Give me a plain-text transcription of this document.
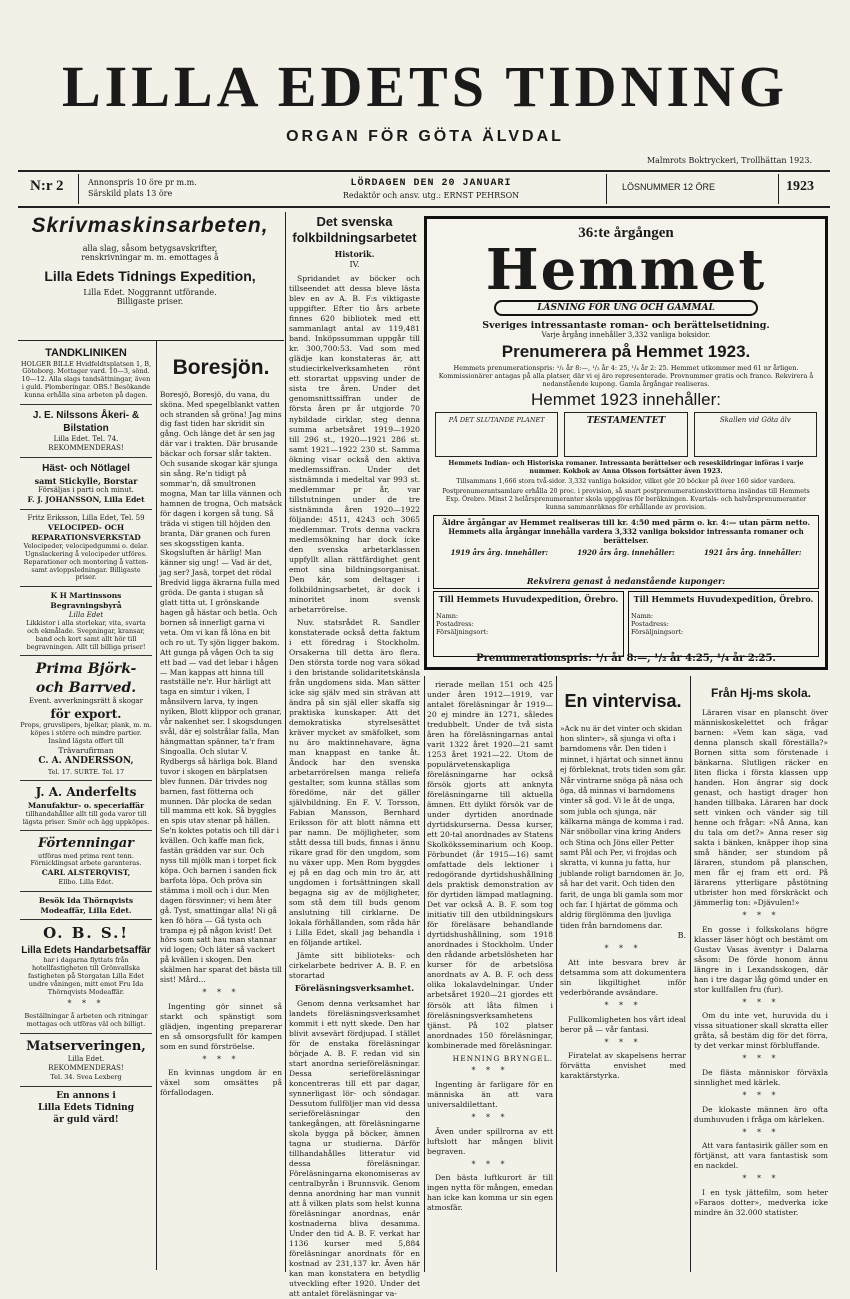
LILLA EDETS TIDNING
ORGAN FÖR GÖTA ÄLVDAL
Malmrots Boktryckeri, Trollhättan 1923.
N:r 2	Annonspris 10 öre pr m.m.
Särskild plats 13 öre
LÖRDAGEN DEN 20 JANUARI
Redaktör och ansv. utg.: ERNST PEHRSON
LÖSNUMMER 12 ÖRE	1923
Skrivmaskinsarbeten,
alla slag, såsom betygsavskrifter,
renskrivningar m. m. emottages å
Lilla Edets Tidnings Expedition,
Lilla Edet. Noggrannt utförande.
Billigaste priser.
TANDKLINIKEN
HOLGER BILLE Hvidfeldtsplatsen 1, B, Göteborg. Mottager vard. 10—3, sönd. 10—12. Alla slags tandsättningar, även i guld. Plomberingar. OBS.! Besökande kunna erhålla sina arbeten på dagen.
J. E. Nilssons Åkeri- & Bilstation
Lilla Edet. Tel. 74. REKOMMENDERAS!
Häst- och Nötlagel
samt Stickylle, Borstar
Försäljas i parti och minut.
F. J. JOHANSSON, Lilla Edet
Fritz Eriksson, Lilla Edet, Tel. 59
VELOCIPED- OCH REPARATIONSVERKSTAD
Velocipeder, velocipedgummi o. delar. Ugnslackering å velocipeder utföres. Reparationer och montering å vatten- samt avloppsledningar. Billigaste priser.
K H Martinssons Begravningsbyrå
Lilla Edet
Likkistor i alla storlekar, vita, svarta och ekmålade. Svepningar, kransar, band och kort samt allt hör till begravningen. Allt till billiga priser!
Prima Björk-
och Barrved.
Event. avverkningsrätt å skogar
för export.
Props, gruvslipers, bjelkar, plank, m. m. köpes i större och mindre partier. Insänd lägsta offert till
Trävarufirman
C. A. ANDERSSON,
Tel. 17. SURTE. Tel. 17
J. A. Anderfelts
Manufaktur- o. speceriaffär
tillhandahåller allt till goda varor till lägsta priser. Smör och ägg uppköpes.
Förtenningar
utföras med prima rent tenn. Förnicklingsat arbete garanteras.
CARL ALSTERQVIST,
Ellbo. Lilla Edet.
Besök Ida Thörnqvists Modeaffär, Lilla Edet.
O. B. S.!
Lilla Edets Handarbetsaffär
har i dagarna flyttats från hotellfastigheten till Grönvallska fastigheten på Storgatan Lilla Edet undre våningen, mitt emot Fru Ida Thörnqvists Modeaffär.
* * *
Beställningar å arbeten och ritningar mottagas och utföras väl och billigt.
Matserveringen,
Lilla Edet.
REKOMMENDERAS!
Tel. 34. Svea Lexberg
En annons i
Lilla Edets Tidning
är guld värd!
Boresjön.
Boresjö, Boresjö, du vana, du sköna. Med spegelblankt vatten och stranden så gröna! Jag mins dig fast tiden har skridit sin gång. Och länge det är sen jag där var i trakten. Där brusande bäckar och forsar slår takten. Och susande skogar kär sjunga sin sång. Re'n tidigt på sommar'n, då smultronen mogna, Man tar lilla vännen och hamnen de trogna, Och matsäck för dagen i korgen så tung. Så träda vi stigen till höjden den branta, Där granen och furen ses skogsstigen kanta. Skogsluften är härlig! Man känner sig ung! — Vad är det, jag ser? Jasä, torpet det rödal Bredvid ligga äkrarna fulla med gröda. De ganta i stugan så glatt titta ut. I grönskande hagen gå hästar och betla. Och bornen så innerligt garna vi veta. Om vi kan få löna en bit och ro ut. Ty sjön ligger bakom. Att gunga på vågen Och ta sig ett bad — vad det lebar i hågen — Man kappas att hinna till rastställe ne'r. Hur härligt att taga en simtur i viken, I månsilvern larva, ty ingen nyiken, Blott klippor och granar, vår nakenhet ser. I skogsdungen svål, där ej solstrålar falla, Man hängmattan spänner, ta'r fram Singoalla. Och slutar V. Rydbergs så härliga bok. Bland tuvor i skogen en bärplatsen blev funnen. Där trivdes nog barnen, fast fötterna och munnen. Där plocka de sedan till mamma ett kok. Så byggles en spis utav stenar på hällen. Se'n koktes potatis och till där i kvällen. Och kaffe man fick, fastän grädden var sur. Och nyss till mjölk man i torpet fick köpa. Och barnen i sanden fick barfota löpa. Och pröva sin stämma i moll och i dur. Men dagen försvinner; vi hem åter gå. Tyst, smattingar alla! Ni gå ken fö höra — Gå tysta och trampa ej på någon kvist! Det hörs som satt hau man stannar vid logen; Och läter så vackert på kvällen i skogen. Den skälmen har sparat det bästa till sist! Mård...
* * *

Ingenting gör sinnet så starkt och spänstigt som glädjen, ingenting preparerar en så omsorgsfullt för kampen som en sund förströelse.

* * *

En kvinnas ungdom är en växel som omsättes på förfallodagen.

Det svenska folkbildningsarbetet
Historik.
IV.

Spridandet av böcker och tillseendet att dessa bleve lästa blev en av A. B. F:s viktigaste uppgifter. Efter tio års arbete finnes 620 bibliotek med ett sammanlagt antal av 119,481 band. Inköpssumman uppgår till kr. 300,700:53. Vad som med glädje kan konstateras är, att studiecirkelverksamheten rönt ett storartat uppsving under de sista tre åren. Under det genomsnittssiffran under de första åren pr år utgjorde 70 nybildade cirklar, steg denna summa arbetsåret 1919—1920 till 296 st., 1920—1921 286 st. samt 1921—1922 230 st. Samma ökning visar också den aktiva medlemssiffran. Under det sistnämnda i medeltal var 993 st. medlemmar pr år, var tillstutningen under de tre sistnämnda åren 1920—1922 följande: 4511, 4243 och 3065 medlemmar. Trots denna vackra medlemsökning har dock icke den svenska arbetarklassen uppfyllt allan rättfärdighet gent emot sina bildningsorganisat. Den kär, som deltager i folkbildningsarbetet, är dock i minoritet inom svensk arbetarrörelse.

Nuv. statsrådet R. Sandler konstaterade också detta faktum i ett föredrag i Stockholm. Orsakerna till detta äro flera. Den största torde nog vara sökad i den bristande solidaritetskänsla från ungdomens sida. Man sätter icke sig själv med sin strävan att ändra på sin själ eller skaffa sig praktiska kunskaper. Att det demokratiska styrelsesättet kräver mycket av smäfolket, som nu äro maktinnehavare, ägna man knappast en tanke åt. Ändock har den svenska arbetarrörelsen manga reliefa gestalter, som kunna ställas som föredöme, när det gäller självbildning. En F. V. Torsson, Fabian Mansson, Bernhard Eriksson för att blott nämna ett par namn. De möjligheter, som stått dessa till buds, finnas i ännu rikare grad för den ungdom, som nu växer upp. Men Rom byggdes ej på en dag och min tro är, att ungdomen i fortsättningen skall begagna sig av de möjligheter, som stå dem till buds genom anslutning till cirklarne. De lokala förhållanden, som råda här i Lilla Edet, skall jag behandla i en följande artikel.

Jämte sitt biblioteks- och cirkelarbete bedriver A. B. F. en storartad

Föreläsningsverksamhet.

Genom denna verksamhet har landets föreläsningsverksamhet kommit i ett nytt skede. Den har blivit avsevärt fördjupad. I stället för de enstaka föreläsningar började A. B. F. redan vid sin start anordna serieföreläsningar. Dessa serieföreläsningar koncentreras till ett par dagar, synnerligast lör- och söndagar. Dessutom fullföljer man vid dessa serieföreläsningar den tankegången, att föreläsningarne skola bygga på böcker, ämnen tagna ur studierna. Därför tillhandahålles litteratur vid dessa föreläsningar. Föreläsningarna ekonomiseras av centralbyrån i Brunnsvik. Genom denna anordning har man vunnit att å vilken plats som helst kunna föreläsningar anordnas, enär kostnaderna bliva desamma. Under den tid A. B. F. verkat har 1136 kurser med 5,884 föreläsningar anordnats för en kostnad av 231,137 kr. Även här kan man konstatera en betydlig utveckling efter 1920. Under det att antalet föreläsningar va-

36:te årgången
Hemmet
LÄSNING FÖR UNG OCH GAMMAL
Sveriges intressantaste roman- och berättelsetidning.
Varje årgång innehåller 3,332 vanliga boksidor.
Prenumerera på Hemmet 1923.
Hemmets prenumerationspris: ¹/₁ år 8:—, ¹/₂ år 4: 25, ¹/₄ år 2: 25. Hemmet utkommer med 61 nr årligen. Kommissionärer antagas på alla platser, där vi ej äro representerade. Provnummer gratis och franco. Rekvirera å nedanstående kupong. Gamla årgångar realiseras.
Hemmet 1923 innehåller:
PÅ DET SLUTANDE PLANET	TESTAMENTET	Skallen vid Göta älv
Hemmets Indian- och Historiska romaner. Intressanta berättelser och reseskildringar införas i varje nummer. Kokbok av Anna Olsson fortsätter även 1923.
Tillsammans 1,666 stora två-sidor. 3,332 vanliga boksidor, vilket gör 20 böcker på över 160 sidor vardera.
Postprenumerantsamlare erhålla 20 proc. i provision, så snart postprenumerationskvitterna insändas till Hemmets Exp. Örebro. Minst 2 helårsprenumeranter skola uppgivas för beräkningen. Kvartals- och halvårsprenumeranter kunna sammanräknas för erhållande av provision.
Äldre årgångar av Hemmet realiseras till kr. 4:50 med pärm o. kr. 4:— utan pärm netto.
Hemmets alla årgångar innehålla vardera 3,332 vanliga boksidor intressanta romaner och berättelser.
1919 års årg. innehåller:	1920 års årg. innehåller:	1921 års årg. innehåller:
Rekvirera genast å nedanstående kuponger:
Till Hemmets Huvudexpedition, Örebro.
Namn:
Postadress:
Försäljningsort:
Till Hemmets Huvudexpedition, Örebro.
Namn:
Postadress:
Försäljningsort:
Prenumerationspris: ¹/₁ år 8:—, ¹/₂ år 4:25, ¹/₄ år 2:25.

rierade mellan 151 och 425 under åren 1912—1919, var antalet föreläsningar år 1919—20 ej mindre än 1271, således tredubbelt. Under de två sista åren ha föreläsningarnas antal varit 1322 året 1920—21 samt 1253 året 1921—22. Utom de populärvetenskapliga föreläsningarne har också försök gjorts att anknyta föreläsningarne till aktuella ämnen. Ett dylikt försök var de under dyrtiden anordnade dyrtidskurserna. Dessa kurser, ett 20-tal anordnades av Statens Skolköksseminarium och Koop. Förbundet (år 1915—16) samt omfattade dels lektioner i redogörande dyrtidshushållning dels praktisk demonstration av för dyrtiden lämpad matlagning. Det var också A. B. F. som tog initiativ till den utbildningskurs för föreläsare behandlande dyrtidshushållning, som 1918 anordnades i Stockholm. Under den rådande arbetslösheten har kurser för de arbetslösa anordnats av A. B. F. och dess olika lokalavdelningar. Under arbetsåret 1920—21 gjordes ett försök att låta filmen i föreläsningsverksamhetens tjänst. På 102 platser anordnades 150 föreläsningar, kombinerade med föreläsningar.

HENNING BRYNGEL.
* * *

Ingenting är farligare för en människa än att vara universaldilettant.

* * *

Även under spillrorna av ett luftslott har mången blivit begraven.

* * *

Den bästa luftkurort är till ingen nytta för mången, emedan han icke kan komma ur sin egen atmosfär.

En vintervisa.
»Ack nu är det vinter och skidan hon slinter», så sjunga vi ofta i barndomens vår. Den tiden i minnet, i hjärtat och sinnet ännu ej förbleknat, trots tiden som går. Når vintrarne snöga på näsa och öga, då minnas vi barndomens vinter så god. Vi le åt de unga, som jubla och sjunga, när kälkarna mänga de komma i rad. När snöbollar vina kring Anders och Stina och Jöns eller Petter samt Pål och Per, vi frojdas och skratta, vi kunna ju fatta, hur jublande roligt barndomen är. Jo, så har det varit. Och tiden den farit, de unga bli gamla som mor och far. I hjärtat de gömma och aldrig förglömma den ljuvliga tiden från barndomens dar.
B.
* * *

Att inte besvara brev är detsamma som att dokumentera sin likgiltighet inför vederbörande avsändare.

* * *

Fullkomligheten hos vårt ideal beror på — vår fantasi.

* * *

Firatelat av skapelsens herrar förvätta envishet med karaktärstyrka.

Från Hj-ms skola.

Läraren visar en planscht över människoskelettet och frågar barnen: »Vem kan säga, vad denna plansch skall föreställa?» Bornen sitta som förstenade i bänkarna. Slutligen räcker en liten flicka i första klassen upp handen. Hon ängrar sig dock genast, och hastigt drager hon handen tillbaka. Läraren har dock sett vinken och vänder sig till henne och frågar: »Nå Anna, kan du tala om det?» Anna reser sig sakta i bänken, knäpper ihop sina små händer, ser stundom på läraren, stundom på planschen, men får ej fram ett ord. På lärarens ytterligare påstötning utbrister hon med förskräckt och jämmerlig ton: »Djävulen!»

* * *

En gosse i folkskolans högre klasser läser högt och bestämt om Gustav Vasas äventyr i Dalarna såsom: De förde honom ännu längre in i Lexandsskogen, där han i tre dagar låg gömd under en stor kullfallen fru (fur).

* * *

Om du inte vet, huruvida du i vissa situationer skall skratta eller gråta, så bestäm dig för det förra, ty det verkar minst förbluffande.

* * *

De flästa människor förväxla sinnlighet med kärlek.

* * *

De klokaste männen äro ofta dumhuvuden i fråga om kärleken.

* * *

Att vara fantasirik gäller som en förtjänst, att vara fantastisk som en nackdel.

* * *

I en tysk jättefilm, som heter »Faraos dotter», medverka icke mindre än 32.000 statister.
